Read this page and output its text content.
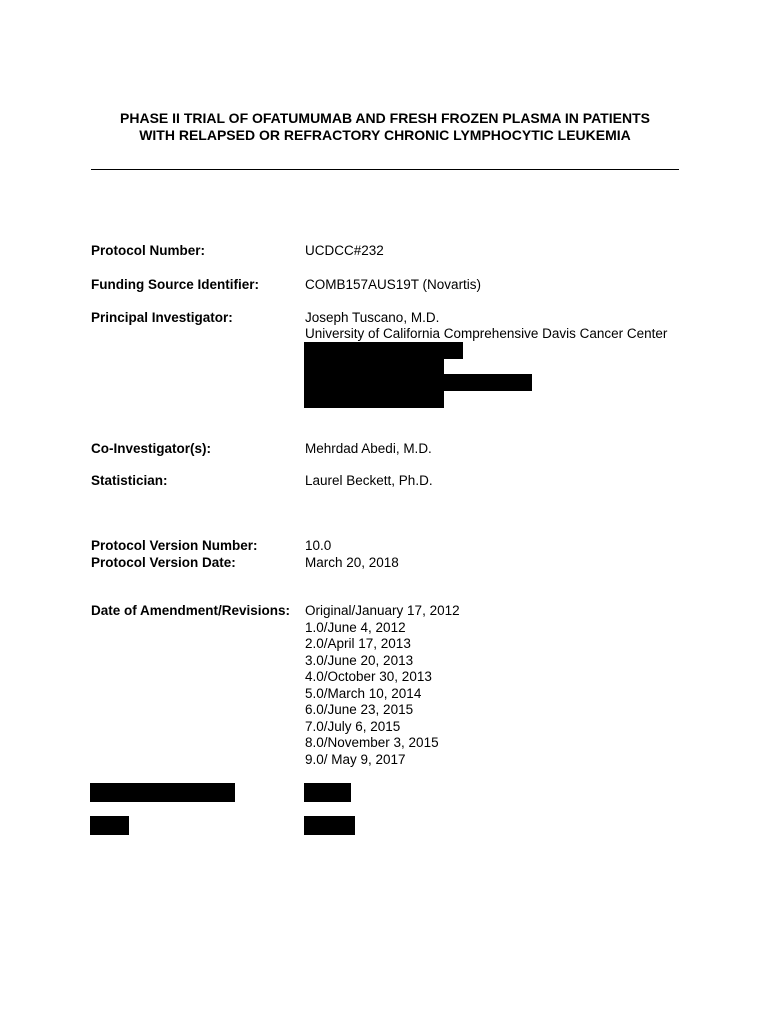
PHASE II TRIAL OF OFATUMUMAB AND FRESH FROZEN PLASMA IN PATIENTS
WITH RELAPSED OR REFRACTORY CHRONIC LYMPHOCYTIC LEUKEMIA
Protocol Number:	UCDCC#232
Funding Source Identifier:	COMB157AUS19T (Novartis)
Principal Investigator:	Joseph Tuscano, M.D.
University of California Comprehensive Davis Cancer Center
Co-Investigator(s):	Mehrdad Abedi, M.D.
Statistician:	Laurel Beckett, Ph.D.
Protocol Version Number:	10.0
Protocol Version Date:	March 20, 2018
Date of Amendment/Revisions: Original/January 17, 2012
1.0/June 4, 2012
2.0/April 17, 2013
3.0/June 20, 2013
4.0/October 30, 2013
5.0/March 10, 2014
6.0/June 23, 2015
7.0/July 6, 2015
8.0/November 3, 2015
9.0/ May 9, 2017
